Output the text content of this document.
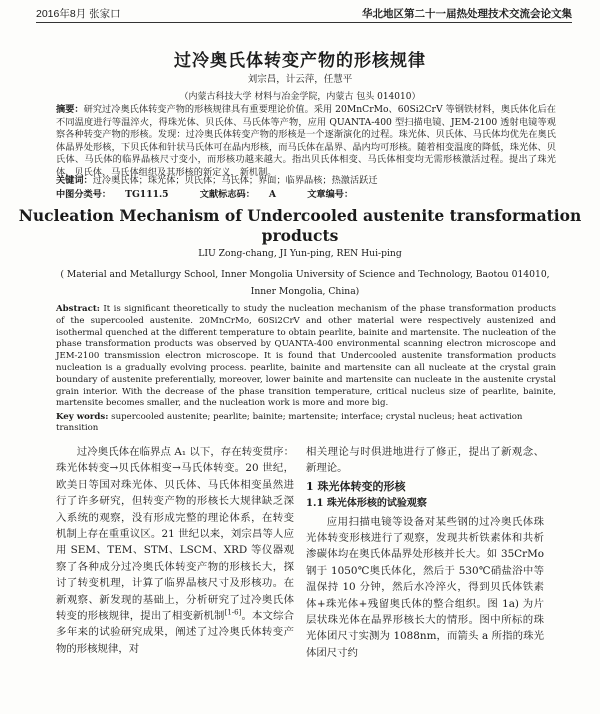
2016年8月 张家口	华北地区第二十一届热处理技术交流会论文集
过冷奥氏体转变产物的形核规律
刘宗昌，计云萍，任慧平
（内蒙古科技大学 材料与冶金学院，内蒙古 包头 014010）
摘要：研究过冷奥氏体转变产物的形核规律具有重要理论价值。采用 20MnCrMo、60Si2CrV 等钢铁材料，奥氏体化后在不同温度进行等温淬火，得珠光体、贝氏体、马氏体等产物，应用 QUANTA-400 型扫描电镜、JEM-2100 透射电镜等观察各种转变产物的形核。发现：过冷奥氏体转变产物的形核是一个逐渐演化的过程。珠光体、贝氏体、马氏体均优先在奥氏体晶界处形核，下贝氏体和针状马氏体可在晶内形核，而马氏体在晶界、晶内均可形核。随着相变温度的降低，珠光体、贝氏体、马氏体的临界晶核尺寸变小，而形核功越来越大。指出贝氏体相变、马氏体相变均无需形核激活过程。提出了珠光体、贝氏体、马氏体组织及其形核的新定义，新机制。
关键词：过冷奥氏体；珠光体；贝氏体；马氏体；界面；临界晶核；热激活跃迁
中图分类号： TG111.5	文献标志码： A	文章编号：
Nucleation Mechanism of Undercooled austenite transformation products
LIU Zong-chang, JI Yun-ping, REN Hui-ping
( Material and Metallurgy School, Inner Mongolia University of Science and Technology, Baotou 014010, Inner Mongolia, China)
Abstract: It is significant theoretically to study the nucleation mechanism of the phase transformation products of the supercooled austenite. 20MnCrMo, 60Si2CrV and other material were respectively austenized and isothermal quenched at the different temperature to obtain pearlite, bainite and martensite. The nucleation of the phase transformation products was observed by QUANTA-400 environmental scanning electron microscope and JEM-2100 transmission electron microscope. It is found that Undercooled austenite transformation products nucleation is a gradually evolving process. pearlite, bainite and martensite can all nucleate at the crystal grain boundary of austenite preferentially, moreover, lower bainite and martensite can nucleate in the austenite crystal grain interior. With the decrease of the phase transition temperature, critical nucleus size of pearlite, bainite, martensite becomes smaller, and the nucleation work is more and more big.
Key words: supercooled austenite; pearlite; bainite; martensite; interface; crystal nucleus; heat activation transition

过冷奥氏体在临界点 A₁ 以下，存在转变贯序：珠光体转变→贝氏体相变→马氏体转变。20 世纪，欧美日等国对珠光体、贝氏体、马氏体相变虽然进行了许多研究，但转变产物的形核长大规律缺乏深入系统的观察，没有形成完整的理论体系，在转变机制上存在重重议区。21 世纪以来，刘宗昌等人应用 SEM、TEM、STM、LSCM、XRD 等仪器观察了各种成分过冷奥氏体转变产物的形核长大，探讨了转变机理，计算了临界晶核尺寸及形核功。在新观察、新发现的基础上，分析研究了过冷奥氏体转变的形核规律，提出了相变新机制[1-6]。本文综合多年来的试验研究成果，阐述了过冷奥氏体转变产物的形核规律，对

相关理论与时俱进地进行了修正，提出了新观念、新理论。

1 珠光体转变的形核
1.1 珠光体形核的试验观察

应用扫描电镜等设备对某些钢的过冷奥氏体珠光体转变形核进行了观察，发现共析铁素体和共析渗碳体均在奥氏体晶界处形核并长大。如 35CrMo 钢于 1050℃奥氏体化，然后于 530℃硝盐浴中等温保持 10 分钟，然后水冷淬火，得到贝氏体铁素体+珠光体+残留奥氏体的整合组织。图 1a) 为片层状珠光体在晶界形核长大的情形。图中所标的珠光体团尺寸实测为 1088nm，而箭头 a 所指的珠光体团尺寸约
